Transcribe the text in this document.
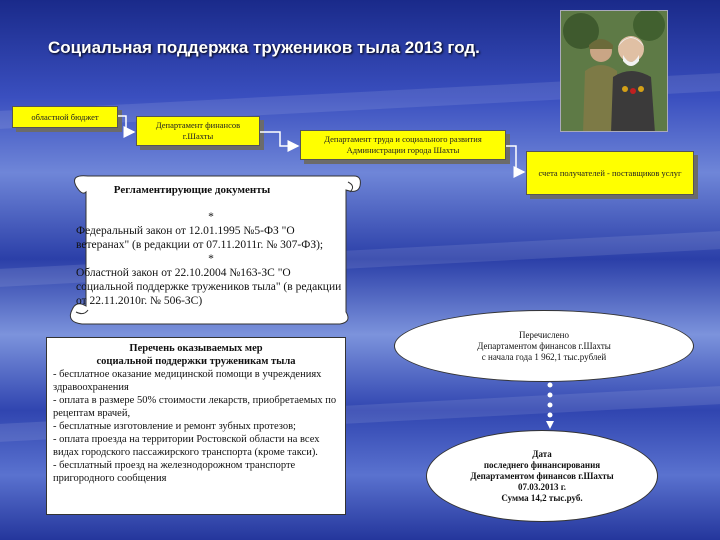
Социальная поддержка тружеников тыла 2013 год.
областной бюджет
Департамент финансов г.Шахты	Департамент труда и социального развития Администрации города Шахты
счета получателей - поставщиков услуг
Регламентирующие документы
*
Федеральный закон от 12.01.1995 №5-ФЗ "О ветеранах" (в редакции от 07.11.2011г. № 307-ФЗ);
*
Областной закон от 22.10.2004 №163-ЗС "О социальной поддержке тружеников тыла" (в редакции от 22.11.2010г. № 506-ЗС)
Перечень оказываемых мер
социальной поддержки труженикам тыла
- бесплатное оказание медицинской помощи в учреждениях здравоохранения
- оплата в размере 50% стоимости лекарств, приобретаемых по рецептам врачей,
- бесплатные изготовление и ремонт зубных протезов;
- оплата проезда на территории Ростовской области на всех видах городского пассажирского транспорта (кроме такси).
- бесплатный проезд на железнодорожном транспорте пригородного сообщения
Перечислено
Департаментом финансов г.Шахты
с начала года 1 962,1 тыс.рублей
Дата
последнего финансирования
Департаментом финансов г.Шахты
07.03.2013 г.
Сумма 14,2 тыс.руб.
